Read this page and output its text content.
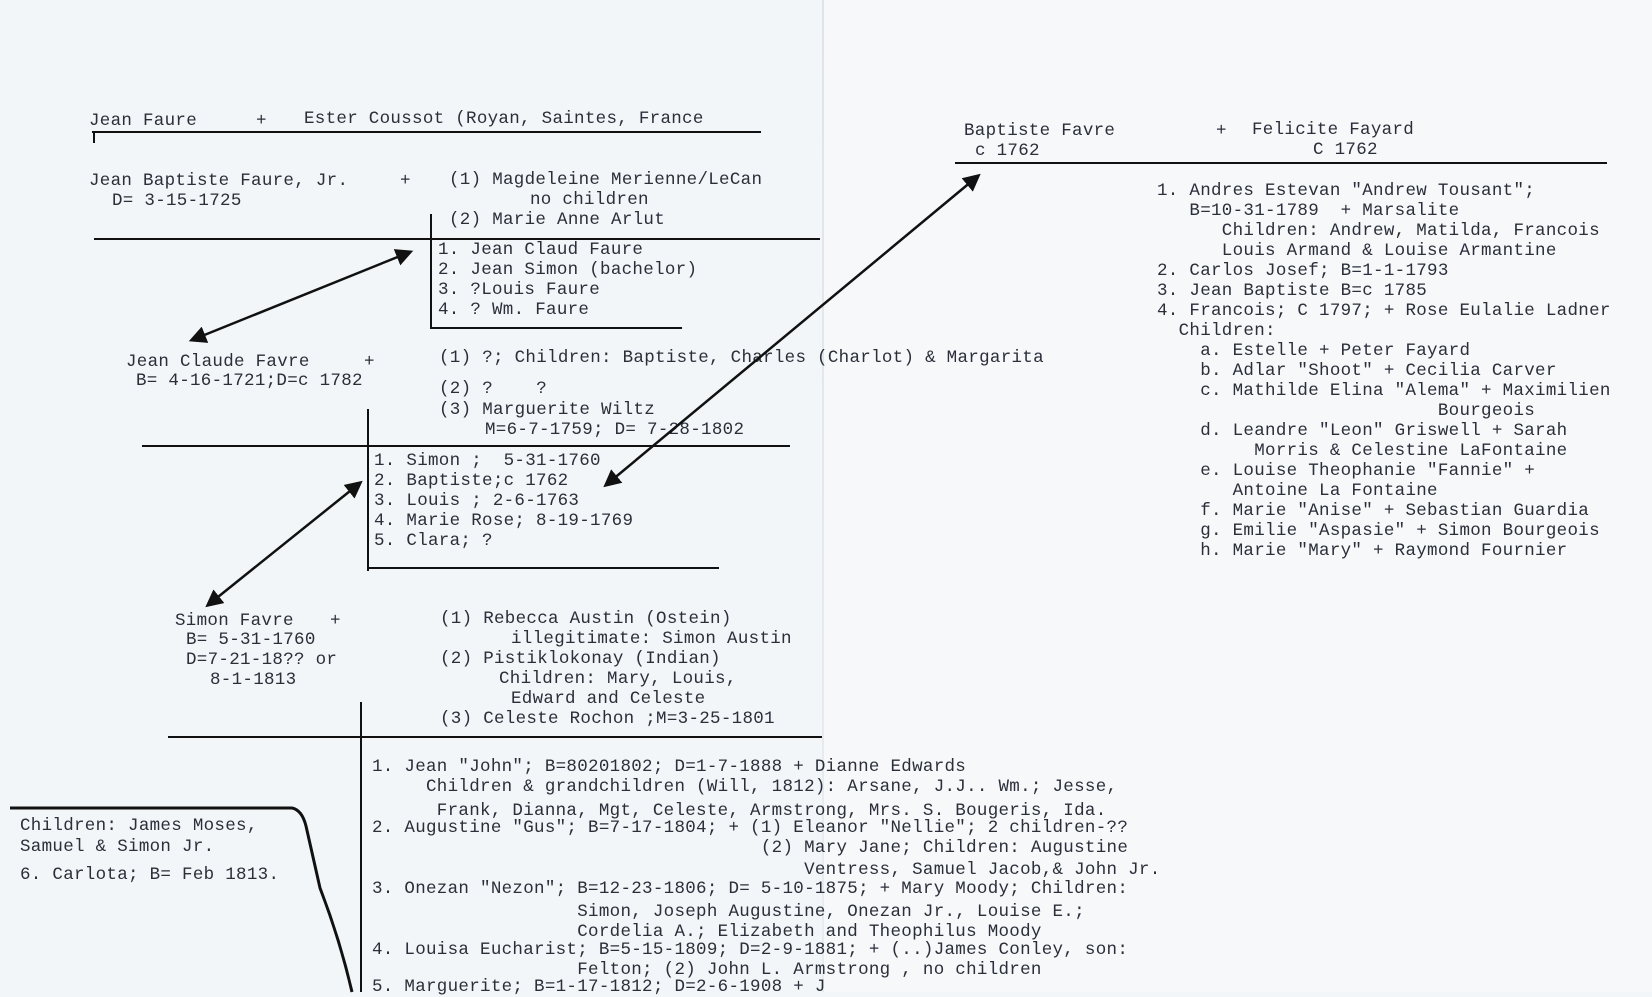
Jean Faure	+ Ester Coussot (Royan, Saintes, France
Jean Baptiste Faure, Jr.	+
D= 3-15-1725
(1) Magdeleine Merienne/LeCan
no children
(2) Marie Anne Arlut
1. Jean Claud Faure
2. Jean Simon (bachelor)
3. ?Louis Faure
4. ? Wm. Faure
Jean Claude Favre	+
B= 4-16-1721;D=c 1782
(1) ?; Children: Baptiste, Charles (Charlot) & Margarita
(2) ?    ?
(3) Marguerite Wiltz
M=6-7-1759; D= 7-28-1802
1. Simon ;  5-31-1760
2. Baptiste;c 1762
3. Louis ; 2-6-1763
4. Marie Rose; 8-19-1769
5. Clara; ?
Simon Favre +
B= 5-31-1760
D=7-21-18?? or
8-1-1813
(1) Rebecca Austin (Ostein)
illegitimate: Simon Austin
(2) Pistiklokonay (Indian)
Children: Mary, Louis,
Edward and Celeste
(3) Celeste Rochon ;M=3-25-1801
1. Jean "John"; B=80201802; D=1-7-1888 + Dianne Edwards
Children & grandchildren (Will, 1812): Arsane, J.J.. Wm.; Jesse,
Frank, Dianna, Mgt, Celeste, Armstrong, Mrs. S. Bougeris, Ida.
2. Augustine "Gus"; B=7-17-1804; + (1) Eleanor "Nellie"; 2 children-??
(2) Mary Jane; Children: Augustine
Ventress, Samuel Jacob,& John Jr.
3. Onezan "Nezon"; B=12-23-1806; D= 5-10-1875; + Mary Moody; Children:
Simon, Joseph Augustine, Onezan Jr., Louise E.;
Cordelia A.; Elizabeth and Theophilus Moody
4. Louisa Eucharist; B=5-15-1809; D=2-9-1881; + (..)James Conley, son:
Felton; (2) John L. Armstrong , no children
5. Marguerite; B=1-17-1812; D=2-6-1908 + J
Children: James Moses,
Samuel & Simon Jr.
6. Carlota; B= Feb 1813.
Baptiste Favre	+ Felicite Fayard
c 1762	C 1762
1. Andres Estevan "Andrew Tousant";
B=10-31-1789  + Marsalite
Children: Andrew, Matilda, Francois
Louis Armand & Louise Armantine
2. Carlos Josef; B=1-1-1793
3. Jean Baptiste B=c 1785
4. Francois; C 1797; + Rose Eulalie Ladner
Children:
a. Estelle + Peter Fayard
b. Adlar "Shoot" + Cecilia Carver
c. Mathilde Elina "Alema" + Maximilien
Bourgeois
d. Leandre "Leon" Griswell + Sarah
Morris & Celestine LaFontaine
e. Louise Theophanie "Fannie" +
Antoine La Fontaine
f. Marie "Anise" + Sebastian Guardia
g. Emilie "Aspasie" + Simon Bourgeois
h. Marie "Mary" + Raymond Fournier
